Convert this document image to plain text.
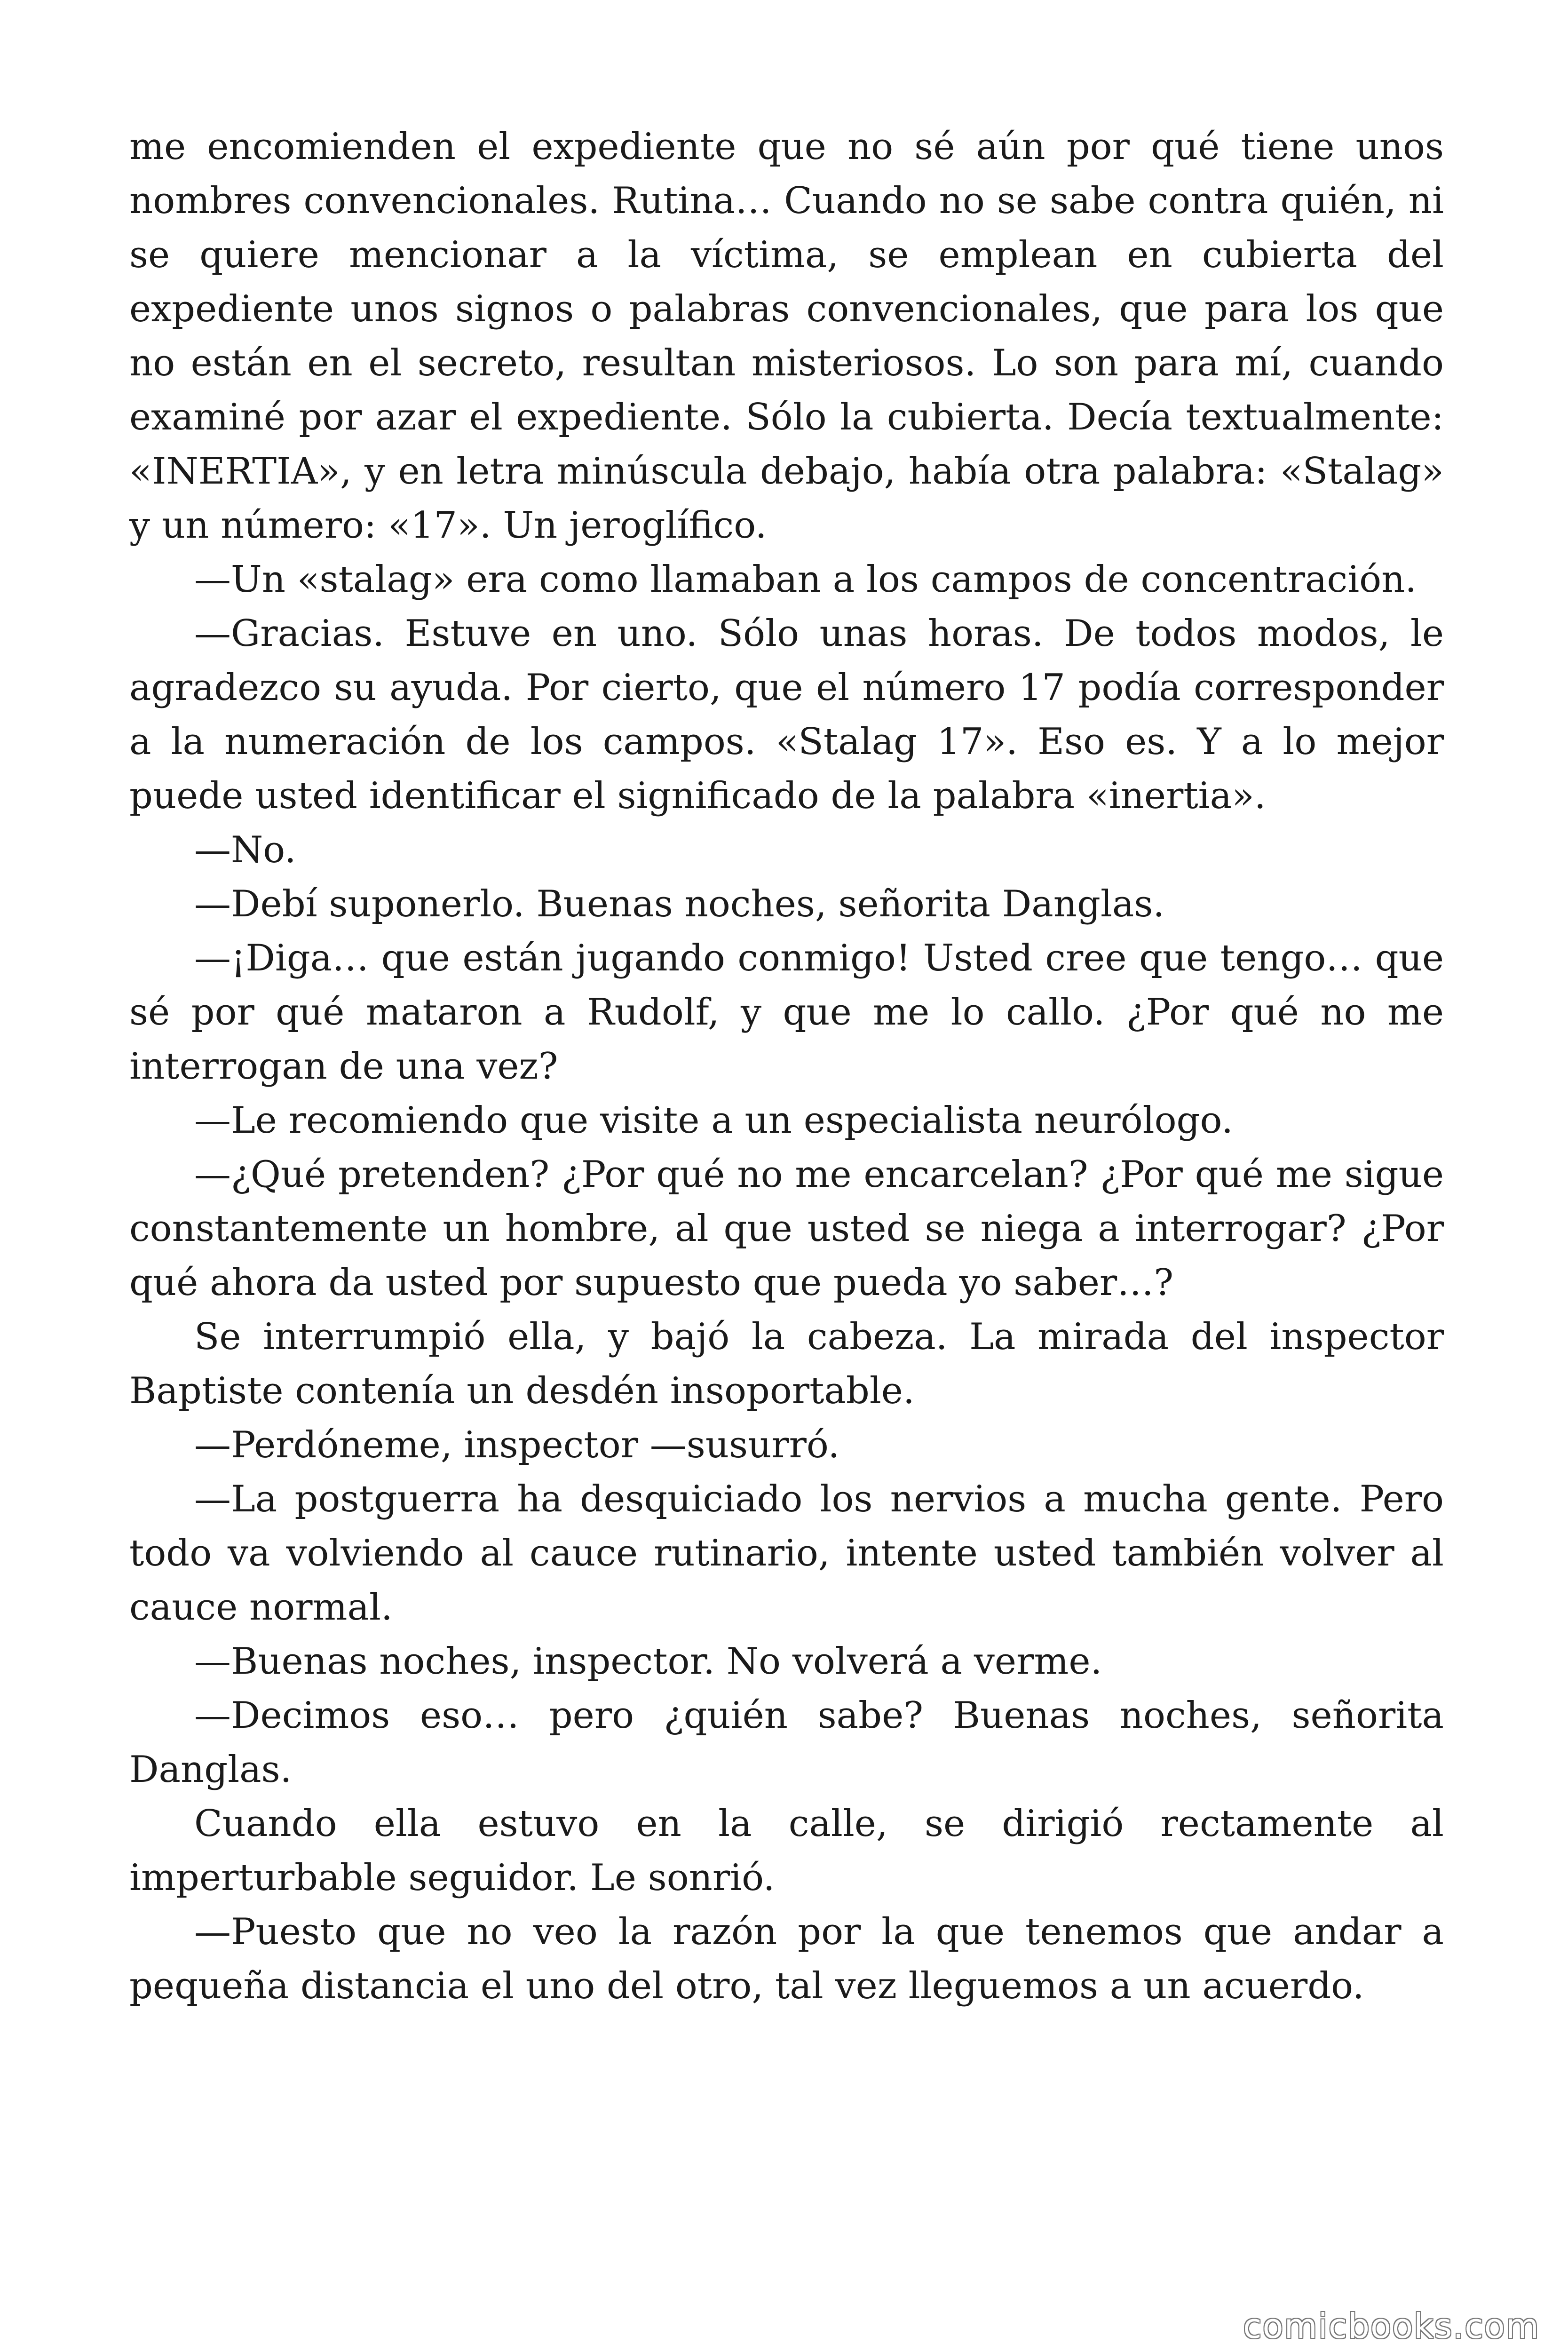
me encomienden el expediente que no sé aún por qué tiene unos nombres convencionales. Rutina… Cuando no se sabe contra quién, ni se quiere mencionar a la víctima, se emplean en cubierta del expediente unos signos o palabras convencionales, que para los que no están en el secreto, resultan misteriosos. Lo son para mí, cuando examiné por azar el expediente. Sólo la cubierta. Decía textualmente: «INERTIA», y en letra minúscula debajo, había otra palabra: «Stalag» y un número: «17». Un jeroglífico.

—Un «stalag» era como llamaban a los campos de concentración.

—Gracias. Estuve en uno. Sólo unas horas. De todos modos, le agradezco su ayuda. Por cierto, que el número 17 podía corresponder a la numeración de los campos. «Stalag 17». Eso es. Y a lo mejor puede usted identificar el significado de la palabra «inertia».

—No.

—Debí suponerlo. Buenas noches, señorita Danglas.

—¡Diga… que están jugando conmigo! Usted cree que tengo… que sé por qué mataron a Rudolf, y que me lo callo. ¿Por qué no me interrogan de una vez?

—Le recomiendo que visite a un especialista neurólogo.

—¿Qué pretenden? ¿Por qué no me encarcelan? ¿Por qué me sigue constantemente un hombre, al que usted se niega a interrogar? ¿Por qué ahora da usted por supuesto que pueda yo saber…?

Se interrumpió ella, y bajó la cabeza. La mirada del inspector Baptiste contenía un desdén insoportable.

—Perdóneme, inspector —susurró.

—La postguerra ha desquiciado los nervios a mucha gente. Pero todo va volviendo al cauce rutinario, intente usted también volver al cauce normal.

—Buenas noches, inspector. No volverá a verme.

—Decimos eso… pero ¿quién sabe? Buenas noches, señorita Danglas.

Cuando ella estuvo en la calle, se dirigió rectamente al imperturbable seguidor. Le sonrió.

—Puesto que no veo la razón por la que tenemos que andar a pequeña distancia el uno del otro, tal vez lleguemos a un acuerdo.

comicbooks.com
